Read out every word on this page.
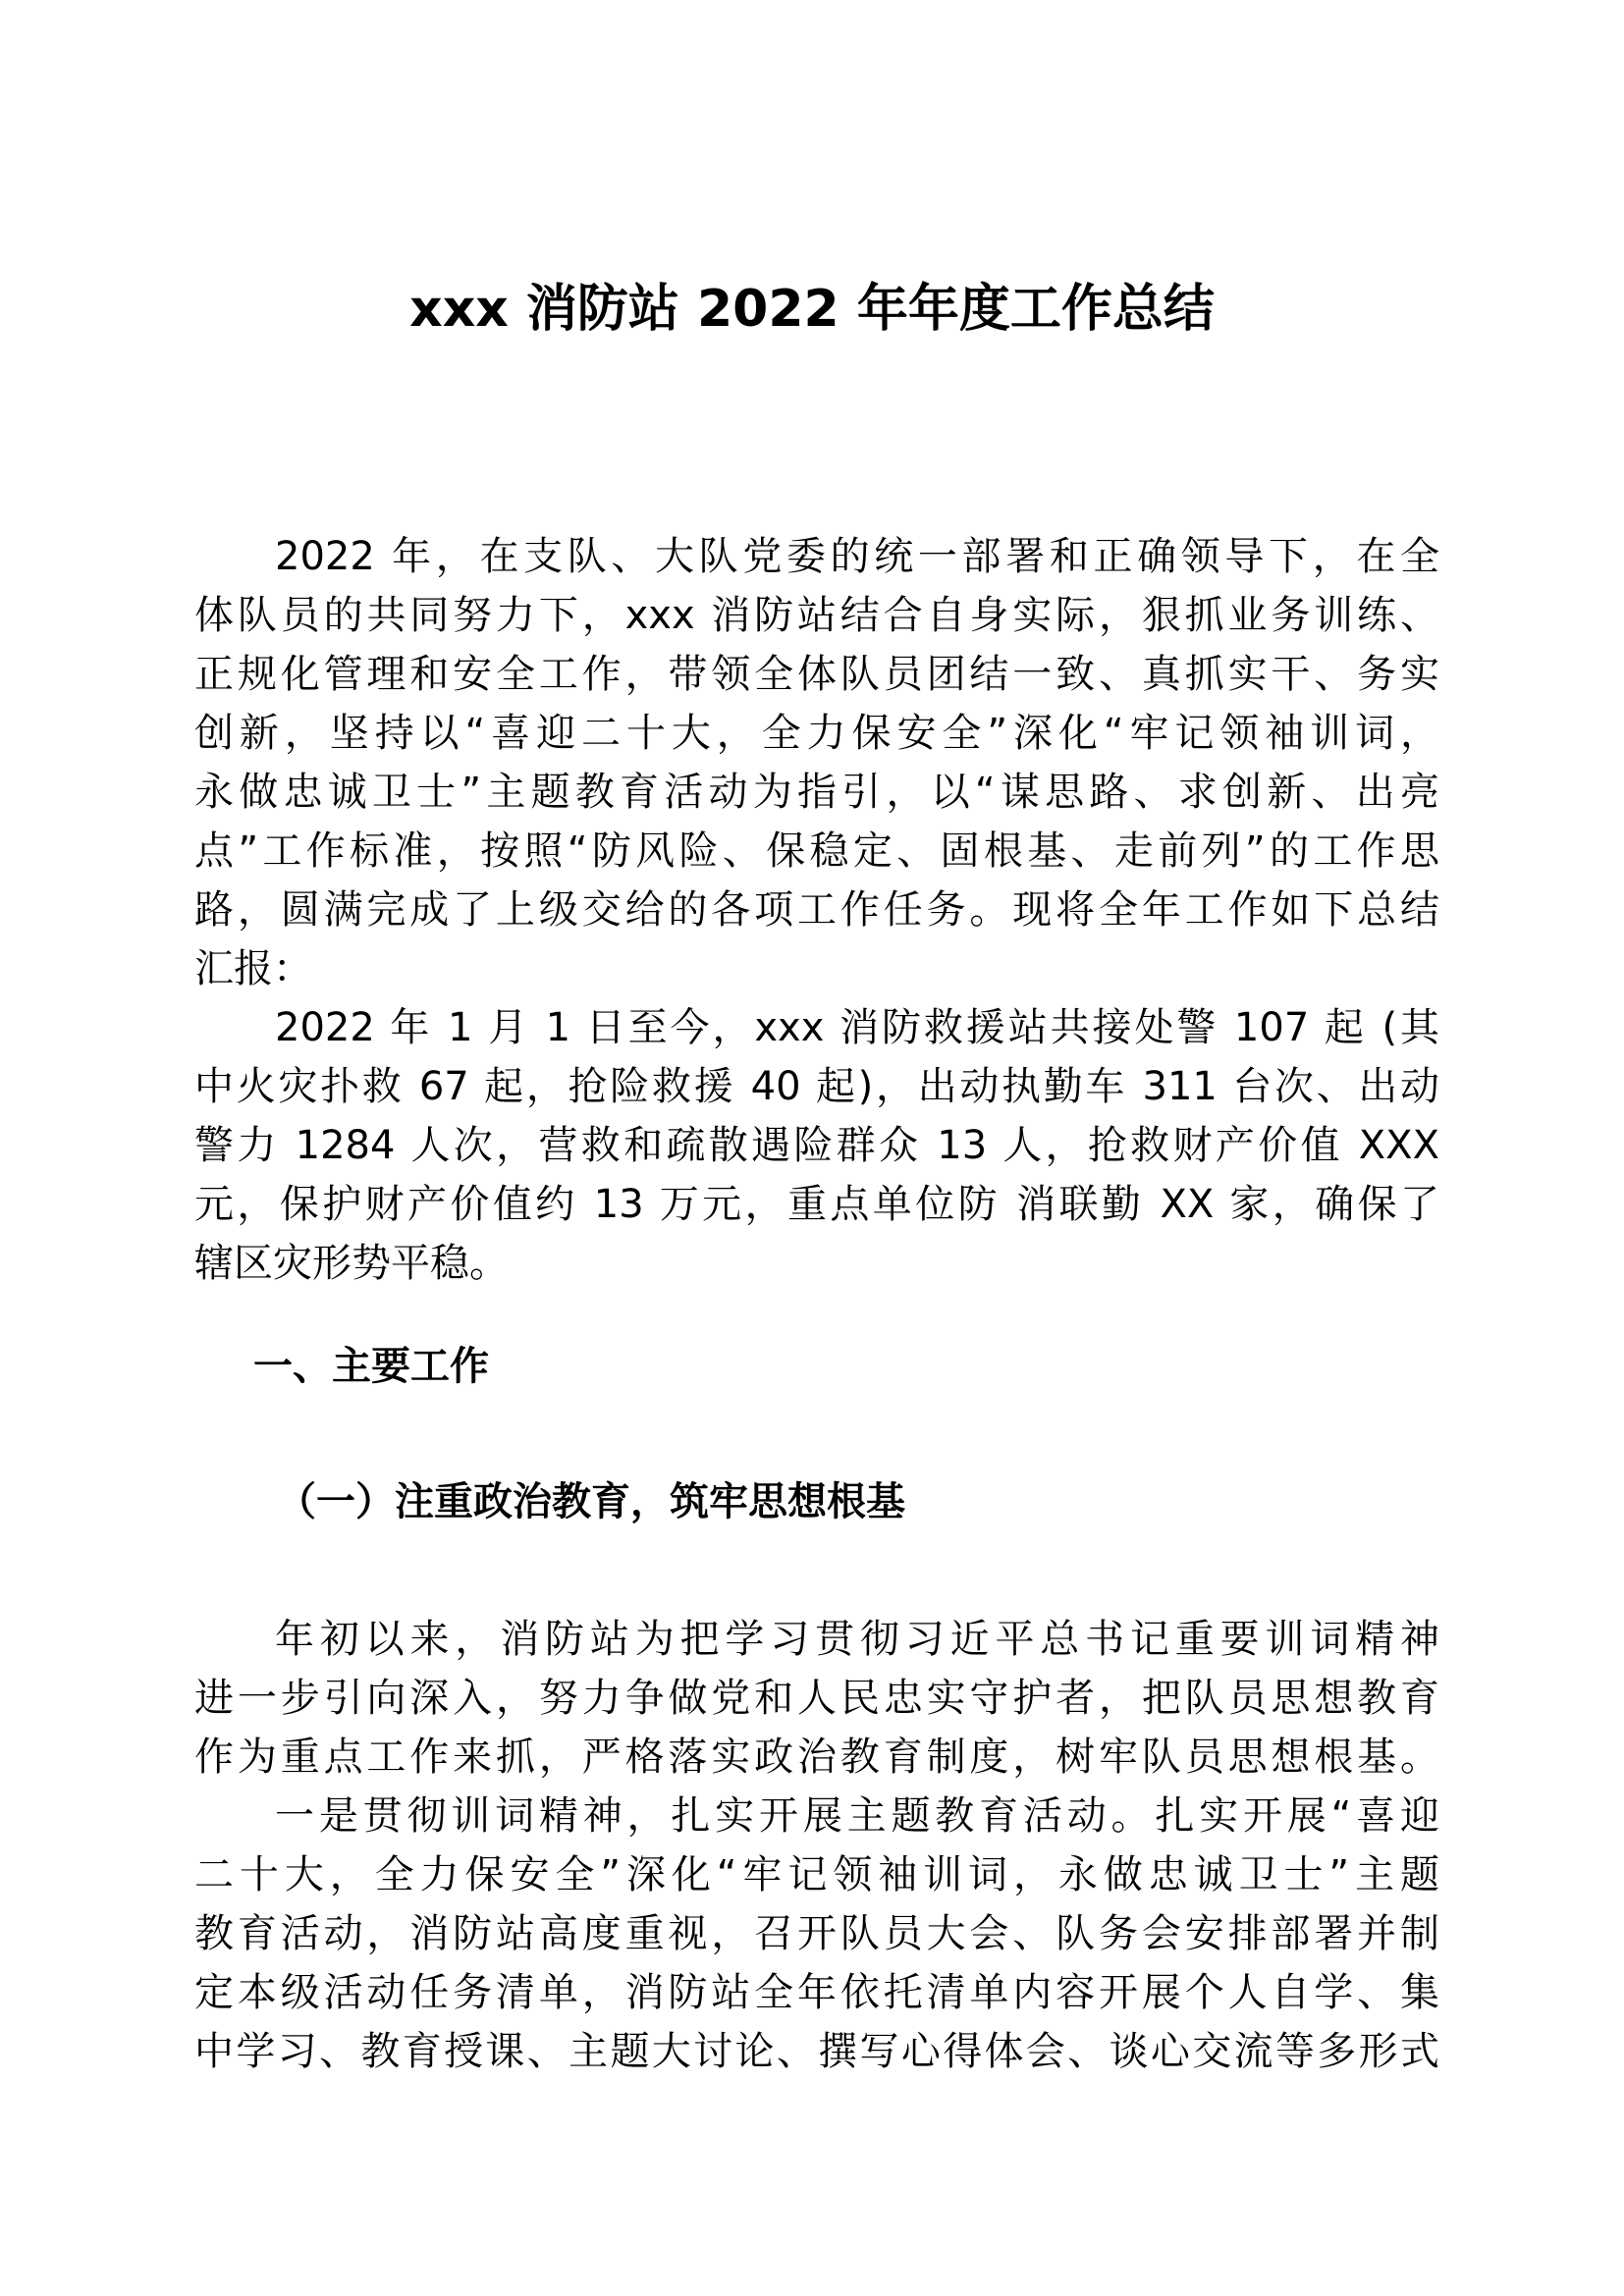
xxx 消防站 2022 年年度工作总结
2022 年，在支队、大队党委的统一部署和正确领导下，在全
体队员的共同努力下，xxx 消防站结合自身实际，狠抓业务训练、
正规化管理和安全工作，带领全体队员团结一致、真抓实干、务实
创新，坚持以“喜迎二十大，全力保安全”深化“牢记领袖训词，
永做忠诚卫士”主题教育活动为指引，以“谋思路、求创新、出亮
点”工作标准，按照“防风险、保稳定、固根基、走前列”的工作思
路，圆满完成了上级交给的各项工作任务。现将全年工作如下总结
汇报：
2022 年 1 月 1 日至今，xxx 消防救援站共接处警 107 起 (其
中火灾扑救 67 起，抢险救援 40 起)，出动执勤车 311 台次、出动
警力 1284 人次，营救和疏散遇险群众 13 人，抢救财产价值 XXX
元，保护财产价值约 13 万元，重点单位防 消联勤 XX 家，确保了
辖区灾形势平稳。
一、主要工作
（一）注重政治教育，筑牢思想根基
年初以来，消防站为把学习贯彻习近平总书记重要训词精神
进一步引向深入，努力争做党和人民忠实守护者，把队员思想教育
作为重点工作来抓，严格落实政治教育制度，树牢队员思想根基。
一是贯彻训词精神，扎实开展主题教育活动。扎实开展“喜迎
二十大，全力保安全”深化“牢记领袖训词，永做忠诚卫士”主题
教育活动，消防站高度重视，召开队员大会、队务会安排部署并制
定本级活动任务清单，消防站全年依托清单内容开展个人自学、集
中学习、教育授课、主题大讨论、撰写心得体会、谈心交流等多形式
